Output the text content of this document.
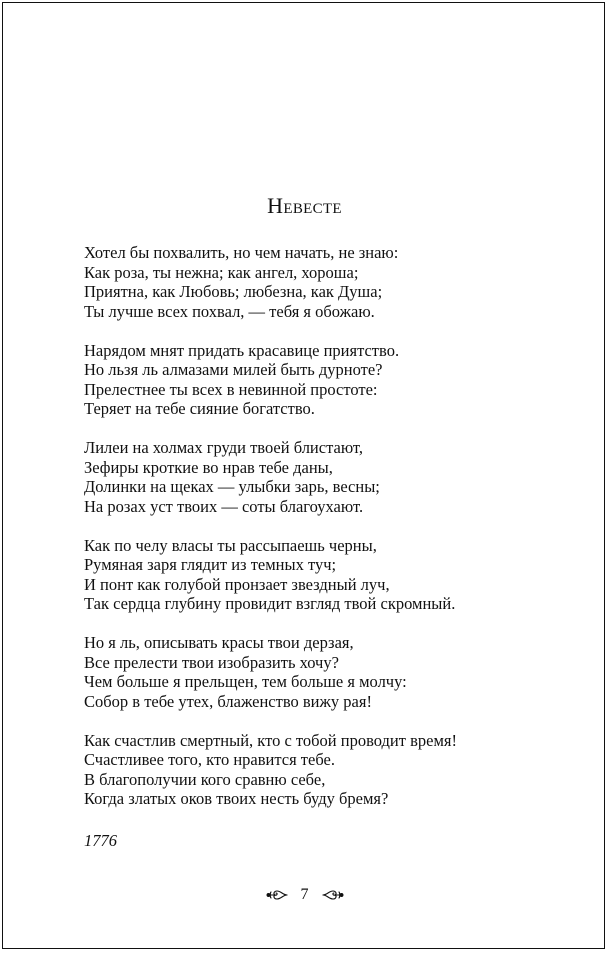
Невесте
Хотел бы похвалить, но чем начать, не знаю:
Как роза, ты нежна; как ангел, хороша;
Приятна, как Любовь; любезна, как Душа;
Ты лучше всех похвал, — тебя я обожаю.
Нарядом мнят придать красавице приятство.
Но льзя ль алмазами милей быть дурноте?
Прелестнее ты всех в невинной простоте:
Теряет на тебе сияние богатство.
Лилеи на холмах груди твоей блистают,
Зефиры кроткие во нрав тебе даны,
Долинки на щеках — улыбки зарь, весны;
На розах уст твоих — соты благоухают.
Как по челу власы ты рассыпаешь черны,
Румяная заря глядит из темных туч;
И понт как голубой пронзает звездный луч,
Так сердца глубину провидит взгляд твой скромный.
Но я ль, описывать красы твои дерзая,
Все прелести твои изобразить хочу?
Чем больше я прельщен, тем больше я молчу:
Собор в тебе утех, блаженство вижу рая!
Как счастлив смертный, кто с тобой проводит время!
Счастливее того, кто нравится тебе.
В благополучии кого сравню себе,
Когда златых оков твоих несть буду бремя?
1776
7
